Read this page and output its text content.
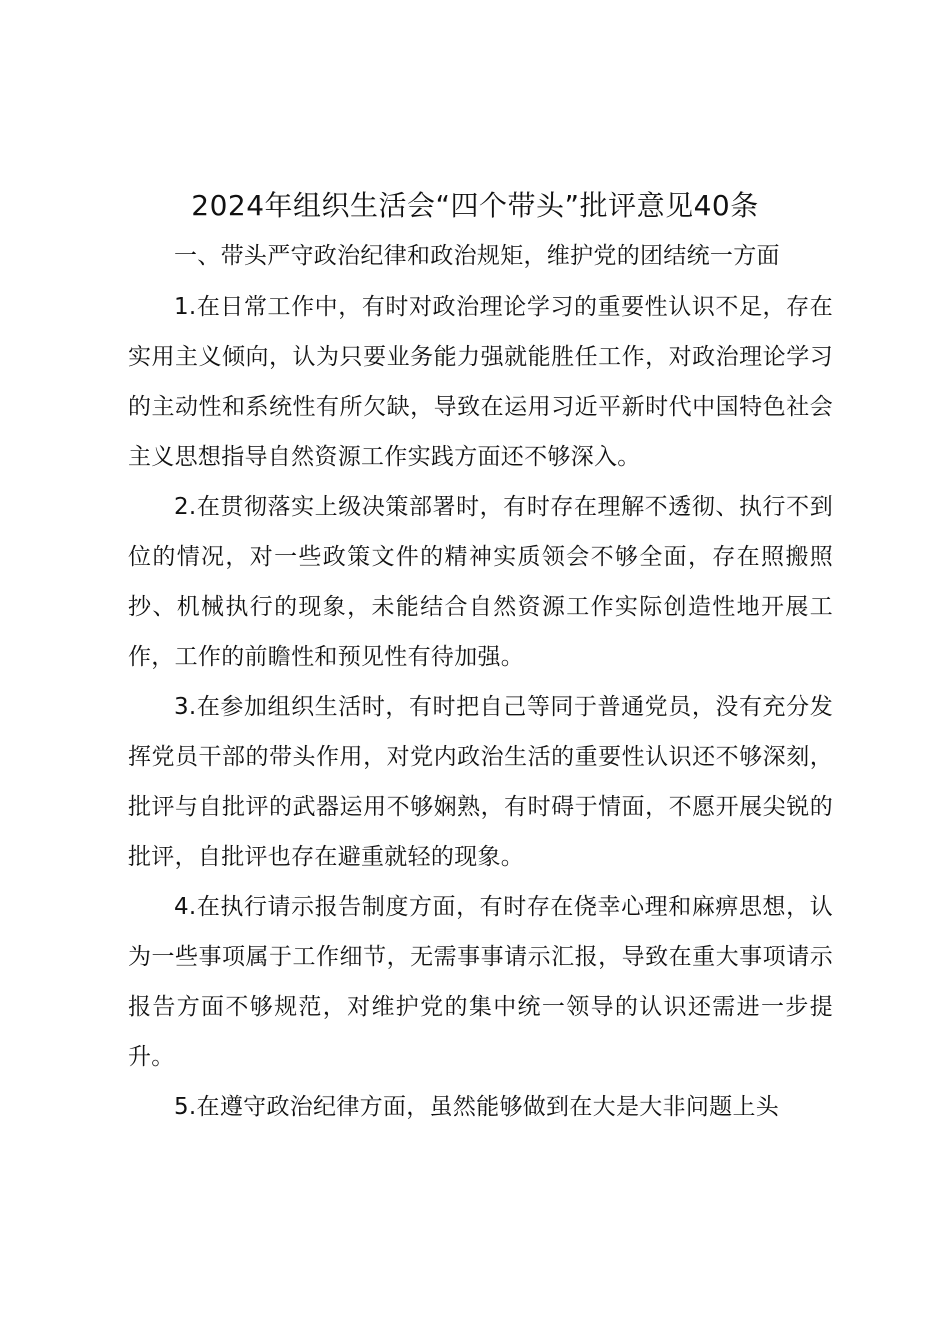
2024年组织生活会“四个带头”批评意见40条

一、带头严守政治纪律和政治规矩，维护党的团结统一方面

1.在日常工作中，有时对政治理论学习的重要性认识不足，存在实用主义倾向，认为只要业务能力强就能胜任工作，对政治理论学习的主动性和系统性有所欠缺，导致在运用习近平新时代中国特色社会主义思想指导自然资源工作实践方面还不够深入。

2.在贯彻落实上级决策部署时，有时存在理解不透彻、执行不到位的情况，对一些政策文件的精神实质领会不够全面，存在照搬照抄、机械执行的现象，未能结合自然资源工作实际创造性地开展工作，工作的前瞻性和预见性有待加强。

3.在参加组织生活时，有时把自己等同于普通党员，没有充分发挥党员干部的带头作用，对党内政治生活的重要性认识还不够深刻，批评与自批评的武器运用不够娴熟，有时碍于情面，不愿开展尖锐的批评，自批评也存在避重就轻的现象。

4.在执行请示报告制度方面，有时存在侥幸心理和麻痹思想，认为一些事项属于工作细节，无需事事请示汇报，导致在重大事项请示报告方面不够规范，对维护党的集中统一领导的认识还需进一步提升。

5.在遵守政治纪律方面，虽然能够做到在大是大非问题上头
